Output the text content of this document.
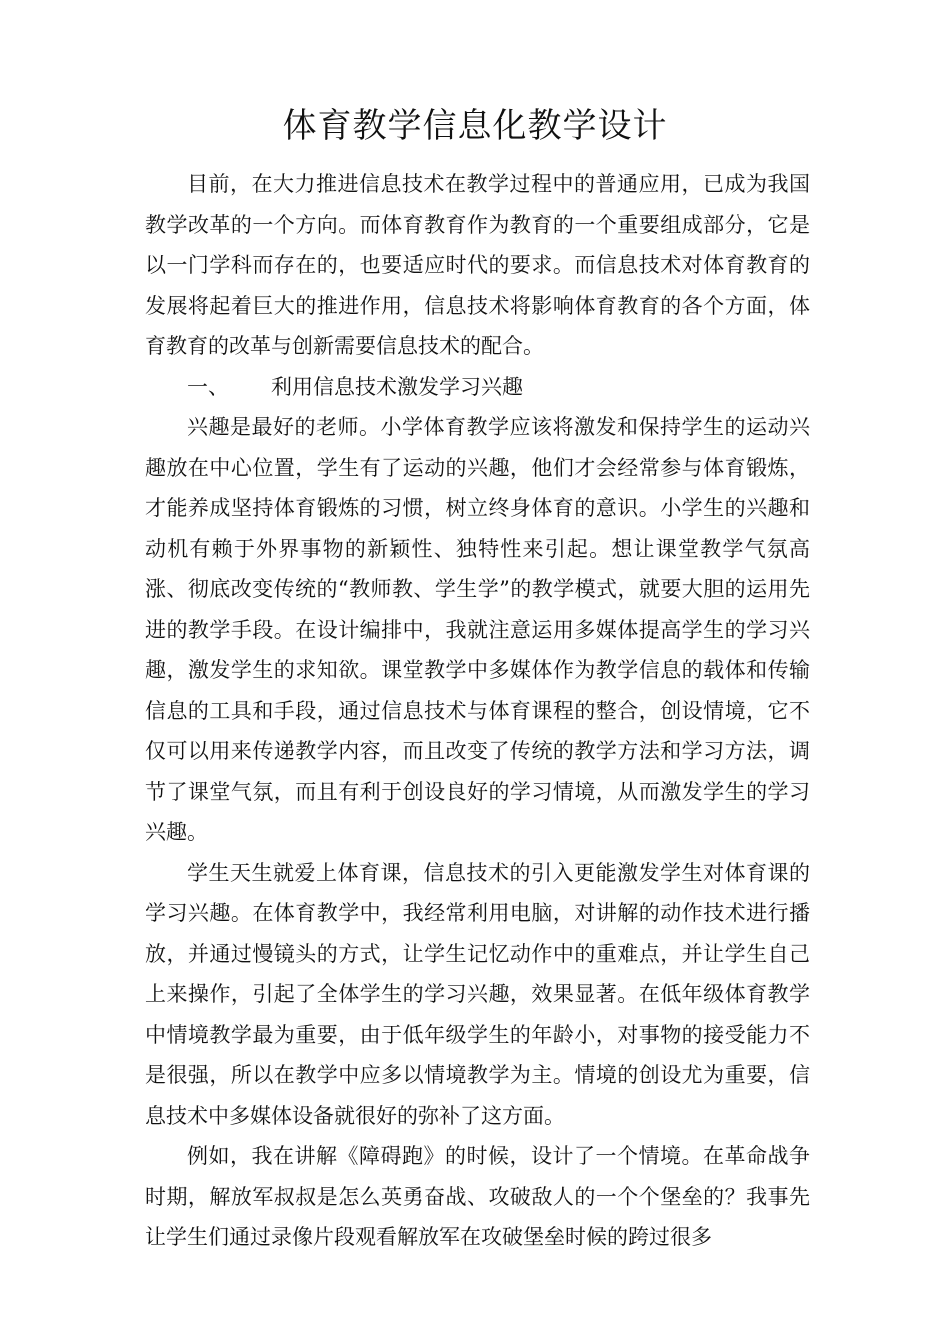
体育教学信息化教学设计

目前，在大力推进信息技术在教学过程中的普通应用，已成为我国教学改革的一个方向。而体育教育作为教育的一个重要组成部分，它是以一门学科而存在的，也要适应时代的要求。而信息技术对体育教育的发展将起着巨大的推进作用，信息技术将影响体育教育的各个方面，体育教育的改革与创新需要信息技术的配合。

一、 利用信息技术激发学习兴趣

兴趣是最好的老师。小学体育教学应该将激发和保持学生的运动兴趣放在中心位置，学生有了运动的兴趣，他们才会经常参与体育锻炼，才能养成坚持体育锻炼的习惯，树立终身体育的意识。小学生的兴趣和动机有赖于外界事物的新颖性、独特性来引起。想让课堂教学气氛高涨、彻底改变传统的“教师教、学生学”的教学模式，就要大胆的运用先进的教学手段。在设计编排中，我就注意运用多媒体提高学生的学习兴趣，激发学生的求知欲。课堂教学中多媒体作为教学信息的载体和传输信息的工具和手段，通过信息技术与体育课程的整合，创设情境，它不仅可以用来传递教学内容，而且改变了传统的教学方法和学习方法，调节了课堂气氛，而且有利于创设良好的学习情境，从而激发学生的学习兴趣。

学生天生就爱上体育课，信息技术的引入更能激发学生对体育课的学习兴趣。在体育教学中，我经常利用电脑，对讲解的动作技术进行播放，并通过慢镜头的方式，让学生记忆动作中的重难点，并让学生自己上来操作，引起了全体学生的学习兴趣，效果显著。在低年级体育教学中情境教学最为重要，由于低年级学生的年龄小，对事物的接受能力不是很强，所以在教学中应多以情境教学为主。情境的创设尤为重要，信息技术中多媒体设备就很好的弥补了这方面。

例如，我在讲解《障碍跑》的时候，设计了一个情境。在革命战争时期，解放军叔叔是怎么英勇奋战、攻破敌人的一个个堡垒的？我事先让学生们通过录像片段观看解放军在攻破堡垒时候的跨过很多
